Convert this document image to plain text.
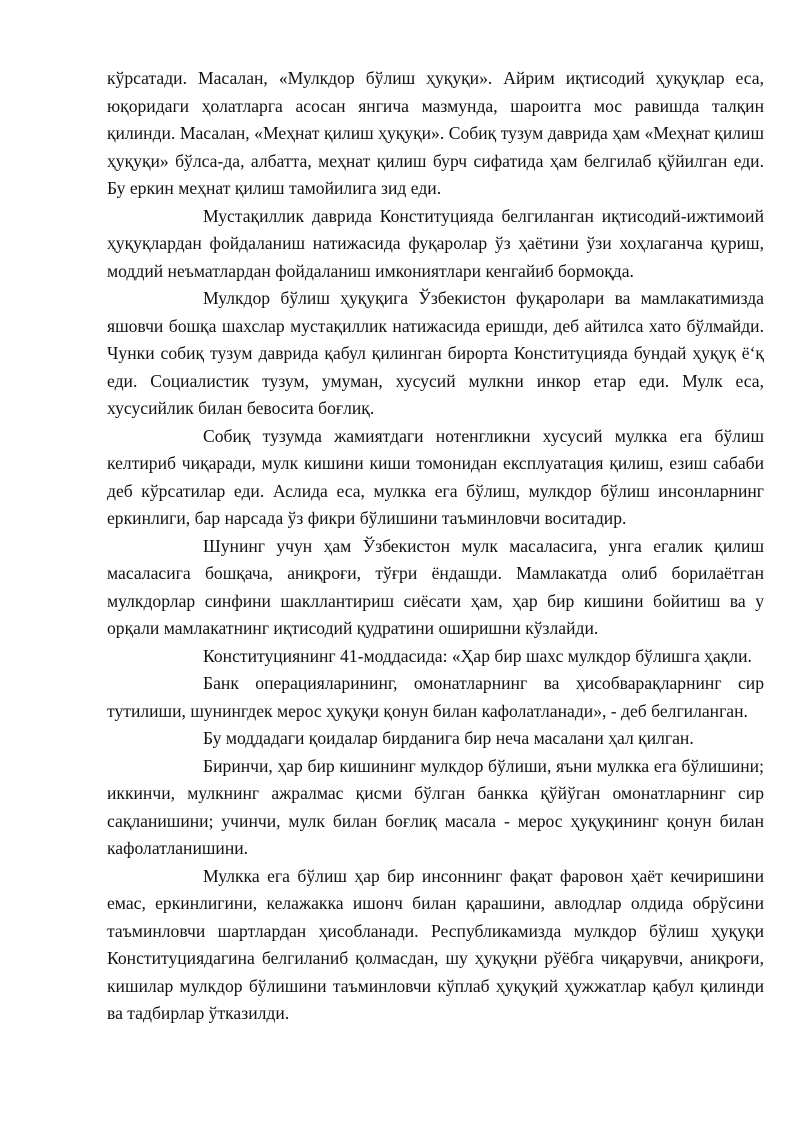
кўрсатади. Масалан, «Мулкдор бўлиш ҳуқуқи». Айрим иқтисодий ҳуқуқлар еса, юқоридаги ҳолатларга асосан янгича мазмунда, шароитга мос равишда талқин қилинди. Масалан, «Меҳнат қилиш ҳуқуқи». Собиқ тузум даврида ҳам «Меҳнат қилиш ҳуқуқи» бўлса-да, албатта, меҳнат қилиш бурч сифатида ҳам белгилаб қўйилган еди. Бу еркин меҳнат қилиш тамойилига зид еди.

Мустақиллик даврида Конституцияда белгиланган иқтисодий-ижтимоий ҳуқуқлардан фойдаланиш натижасида фуқаролар ўз ҳаётини ўзи хоҳлаганча қуриш, моддий неъматлардан фойдаланиш имкониятлари кенгайиб бормоқда.

Мулкдор бўлиш ҳуқуқига Ўзбекистон фуқаролари ва мамлакатимизда яшовчи бошқа шахслар мустақиллик натижасида еришди, деб айтилса хато бўлмайди. Чунки собиқ тузум даврида қабул қилинган бирорта Конституцияда бундай ҳуқуқ ё‘қ еди. Социалистик тузум, умуман, хусусий мулкни инкор етар еди. Мулк еса, хусусийлик билан бевосита боғлиқ.

Собиқ тузумда жамиятдаги нотенгликни хусусий мулкка ега бўлиш келтириб чиқаради, мулк кишини киши томонидан експлуатация қилиш, езиш сабаби деб кўрсатилар еди. Аслида еса, мулкка ега бўлиш, мулкдор бўлиш инсонларнинг еркинлиги, бар нарсада ўз фикри бўлишини таъминловчи воситадир.

Шунинг учун ҳам Ўзбекистон мулк масаласига, унга егалик қилиш масаласига бошқача, аниқроғи, тўғри ёндашди. Мамлакатда олиб борилаётган мулкдорлар синфини шакллантириш сиёсати ҳам, ҳар бир кишини бойитиш ва у орқали мамлакатнинг иқтисодий қудратини оширишни кўзлайди.

Конституциянинг 41-моддасида: «Ҳар бир шахс мулкдор бўлишга ҳақли.

Банк операцияларининг, омонатларнинг ва ҳисобварақларнинг сир тутилиши, шунингдек мерос ҳуқуқи қонун билан кафолатланади», - деб белгиланган.

Бу моддадаги қоидалар бирданига бир неча масалани ҳал қилган.

Биринчи, ҳар бир кишининг мулкдор бўлиши, яъни мулкка ега бўлишини; иккинчи, мулкнинг ажралмас қисми бўлган банкка қўйўган омонатларнинг сир сақланишини; учинчи, мулк билан боғлиқ масала - мерос ҳуқуқининг қонун билан кафолатланишини.

Мулкка ега бўлиш ҳар бир инсоннинг фақат фаровон ҳаёт кечиришини емас, еркинлигини, келажакка ишонч билан қарашини, авлодлар олдида обрўсини таъминловчи шартлардан ҳисобланади. Республикамизда мулкдор бўлиш ҳуқуқи Конституциядагина белгиланиб қолмасдан, шу ҳуқуқни рўёбга чиқарувчи, аниқроғи, кишилар мулкдор бўлишини таъминловчи кўплаб ҳуқуқий ҳужжатлар қабул қилинди ва тадбирлар ўтказилди.
